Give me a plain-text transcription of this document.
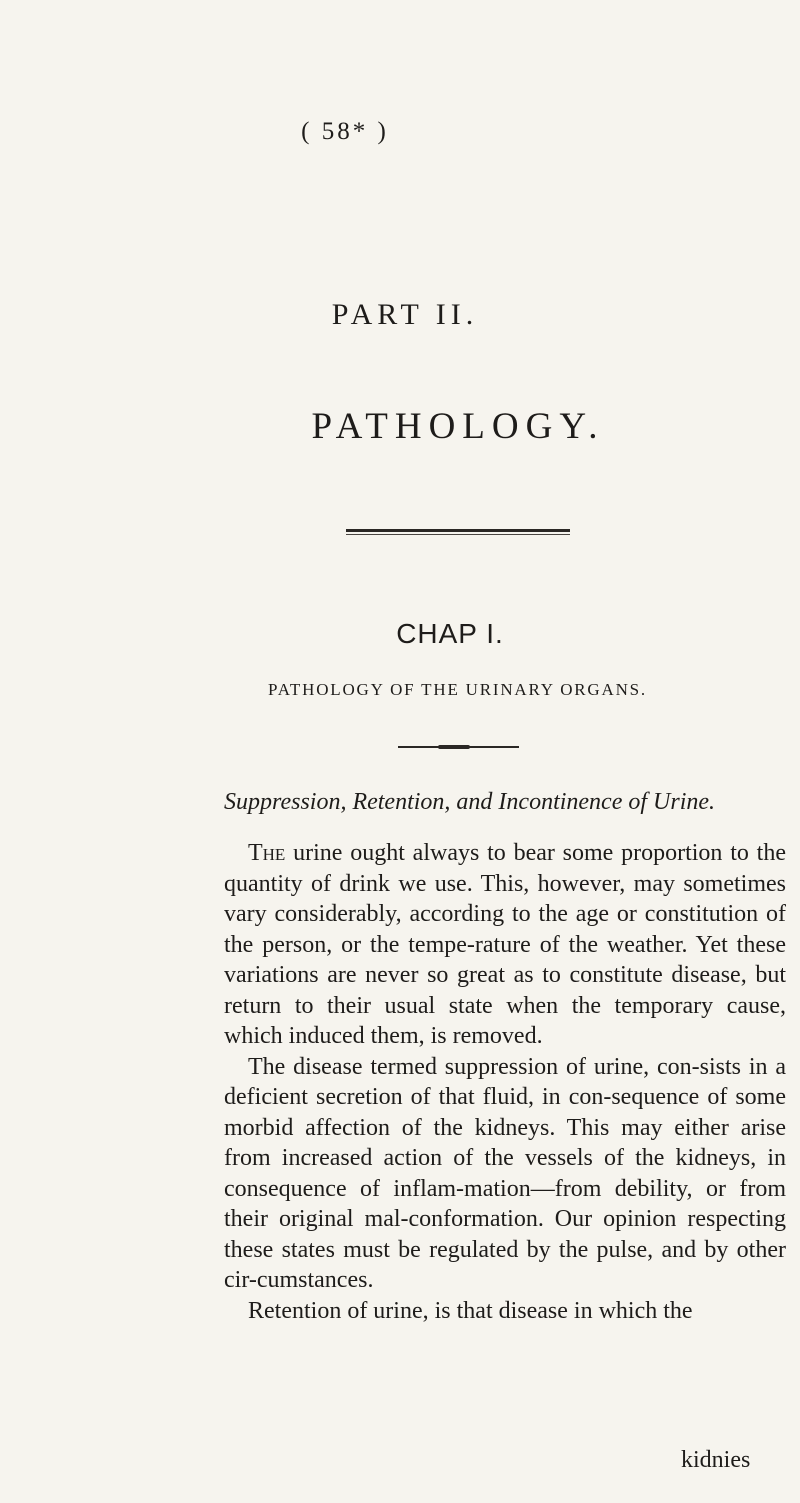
( 58* )
PART II.
PATHOLOGY.
CHAP I.
PATHOLOGY OF THE URINARY ORGANS.
Suppression, Retention, and Incontinence of Urine.

The urine ought always to bear some proportion to the quantity of drink we use. This, however, may sometimes vary considerably, according to the age or constitution of the person, or the tempe-rature of the weather. Yet these variations are never so great as to constitute disease, but return to their usual state when the temporary cause, which induced them, is removed.

The disease termed suppression of urine, con-sists in a deficient secretion of that fluid, in con-sequence of some morbid affection of the kidneys. This may either arise from increased action of the vessels of the kidneys, in consequence of inflam-mation—from debility, or from their original mal-conformation. Our opinion respecting these states must be regulated by the pulse, and by other cir-cumstances.

Retention of urine, is that disease in which the

kidnies
